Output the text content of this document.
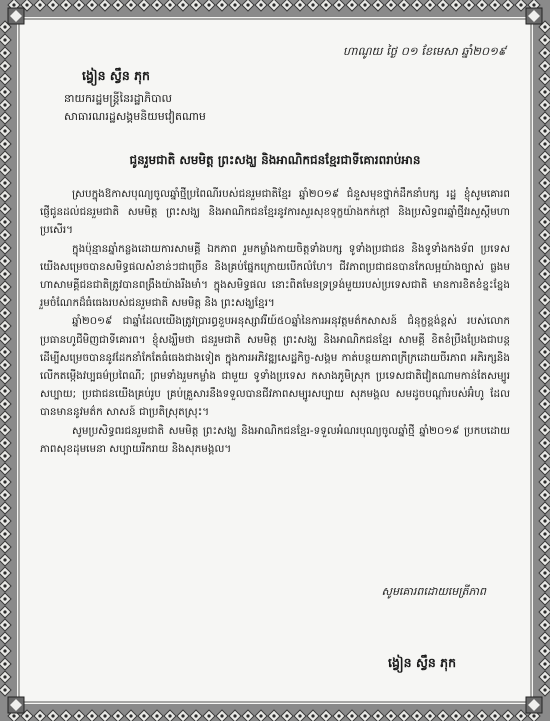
ហាណូយ ថ្ងៃ ០១ ខែមេសា ឆ្នាំ២០១៩
ង្វៀន ស្វឹន ភុក
នាយករដ្ឋមន្ត្រីនៃរដ្ឋាភិបាល
សាធារណរដ្ឋសង្គមនិយមវៀតណាម
ជូនរួមជាតិ សមមិត្ត ព្រះសង្ឃ និងអាណិកជនខ្មែរជាទីគោរពរាប់អាន

ស្របក្នុងឱកាសបុណ្យចូលឆ្នាំថ្មីប្រពៃណីរបស់ជនរួមជាតិខ្មែរ ឆ្នាំ២០១៩ ជំនួសមុខថ្នាក់ដឹកនាំបក្ស រដ្ឋ ខ្ញុំសូមគោរពផ្ញើជូនដល់ជនរួមជាតិ សមមិត្ត ព្រះសង្ឃ និងអាណិកជនខ្មែរនូវការសួរសុខទុក្ខយ៉ាងកក់ក្តៅ និងប្រសិទ្ធពរឆ្នាំថ្មីវរសួស្តីមហាប្រសើរ។

ក្នុងប៉ុន្មានឆ្នាំកន្លងដោយការសាមគ្គី ឯកភាព រួមកម្លាំងកាយចិត្តទាំងបក្ស ទូទាំងប្រជាជន និងទូទាំងកងទ័ព ប្រទេសយើងសម្រេចបានសមិទ្ធផលសំខាន់ៗជាច្រើន និងគ្រប់ផ្នែកក្រោយបើកលំហែ។ ជីវភាពប្រជាជនបានកែលម្អយ៉ាងច្បាស់ ធ្លងមហាសាមគ្គីជនជាតិត្រូវបានពង្រឹងយ៉ាងរឹងមាំ។ ក្នុងសមិទ្ធផល នោះពិតមែនទ្រទ្រង់មួយរបស់ប្រទេសជាតិ មានការខិតខំខ្នះខ្នែង រួមចំណែកដ៏ធំធេងរបស់ជនរួមជាតិ សមមិត្ត និង ព្រះសង្ឃខ្មែរ។

ឆ្នាំ២០១៩ ជាឆ្នាំដែលយើងត្រូវប្រារព្ធខួបអនុស្សាវរីយ៍៥០ឆ្នាំនៃការអនុវត្តមត៌កសាសន៍ ជំនុក្ខខ្ពង់ខ្ពស់ របស់លោកប្រធានហូជីមិញជាទីគោរព។ ខ្ញុំសង្ឃឹមថា ជនរួមជាតិ សមមិត្ត ព្រះសង្ឃ និងអាណិកជនខ្មែរ សាមគ្គី ខិតខំប្រឹងប្រែងជាបន្ត ដើម្បីសម្រេចបាននូវដែកនាំកែតែធំធេងជាងទៀត ក្នុងការអភិវឌ្ឍសេដ្ឋកិច្ច-សង្គម កាត់បន្ថយភាពក្រីក្រដោយចីរភាព អភិរក្សនិងលើកតម្កើងវប្បធម៌ប្រពៃណី; ព្រមទាំងរួមកម្លាំង ជាមួយ ទូទាំងប្រទេស កសាងភូមិស្រុក ប្រទេសជាតិវៀតណាមកាន់តែសម្បូរសប្បាយ; ប្រជាជនយើងគ្រប់រូប គ្រប់គ្រួសារនឹងទទួលបានជីវភាពសម្បូរសប្បាយ សុភមង្គល សមដូចបណ្តាំរបស់អ៊ំហូ ដែលបានមាននូវមត៌ក សាសន៍ ជាប្រតិស្រុតស្រុះ។

សូមប្រសិទ្ធពរជនរួមជាតិ សមមិត្ត ព្រះសង្ឃ និងអាណិកជនខ្មែរ-ទទួលអំណរបុណ្យចូលឆ្នាំថ្មី ឆ្នាំ២០១៩ ប្រកបដោយភាពសុខដុមមេនា សប្បាយរីករាយ និងសុភមង្គល។

សូមគោរពដោយមេត្រីភាព
ង្វៀន ស្វឹន ភុក
